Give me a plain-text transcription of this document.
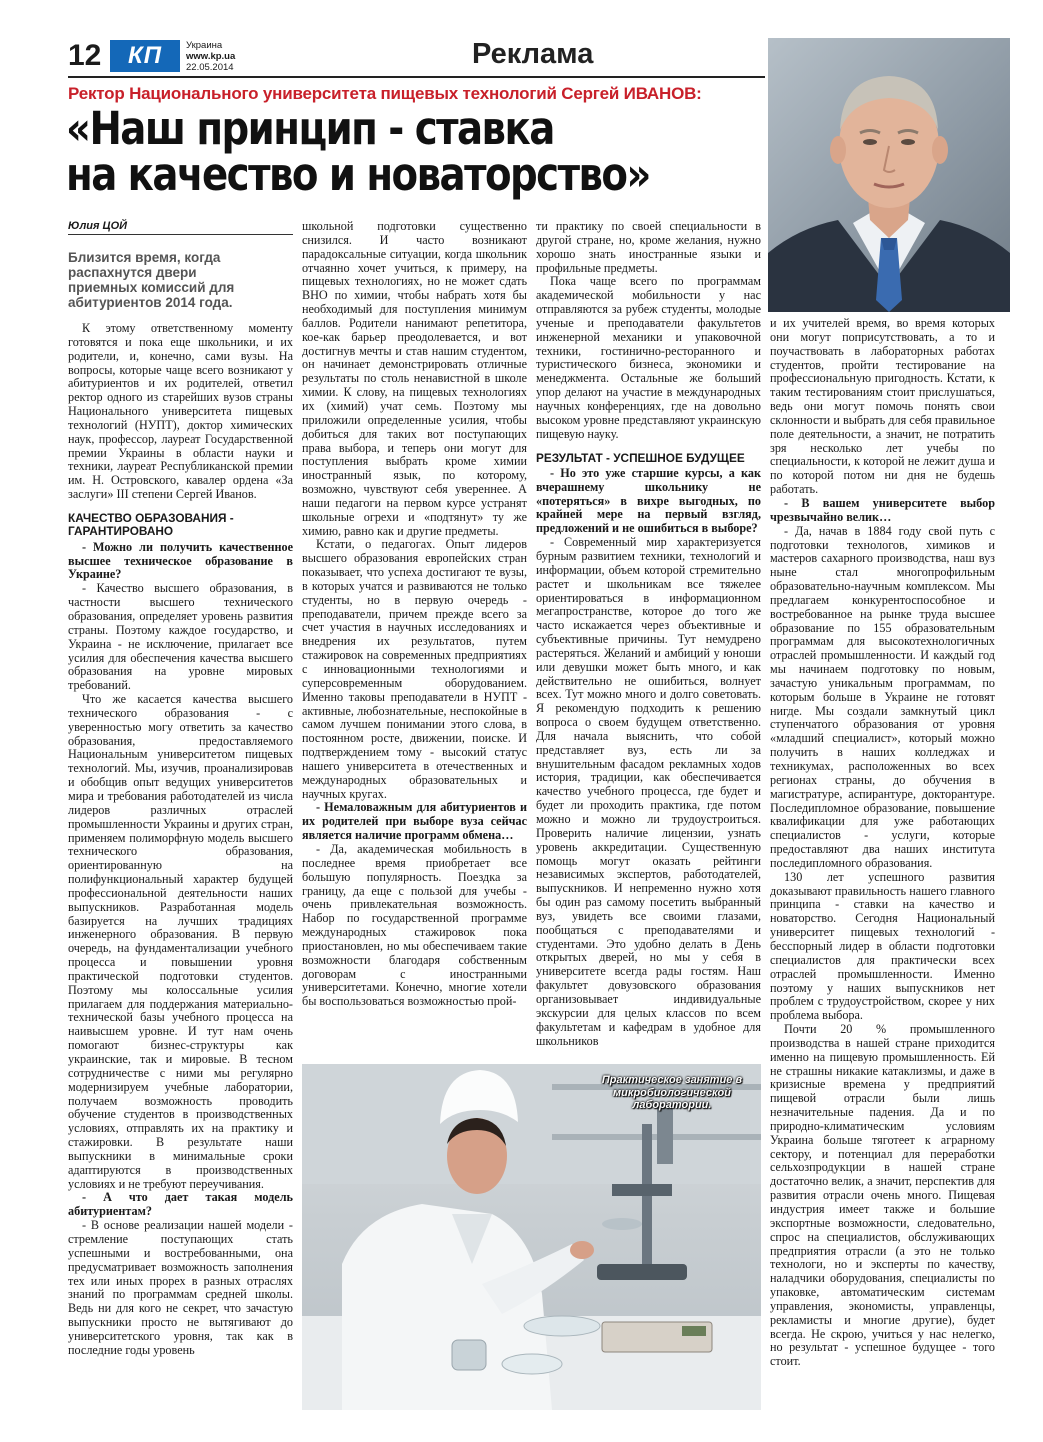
12	КП	Украина
www.kp.ua
22.05.2014	Реклама
Ректор Национального университета пищевых технологий Сергей ИВАНОВ:
«Наш принцип - ставка
на качество и новаторство»
Юлия ЦОЙ
Близится время, когда распахнутся двери приемных комиссий для абитуриентов 2014 года.

К этому ответственному моменту готовятся и пока еще школьники, и их родители, и, конечно, сами вузы. На вопросы, которые чаще всего возникают у абитуриентов и их родителей, ответил ректор одного из старейших вузов страны Национального университета пищевых технологий (НУПТ), доктор химических наук, профессор, лауреат Государственной премии Украины в области науки и техники, лауреат Республиканской премии им. Н. Островского, кавалер ордена «За заслуги» III степени Сергей Иванов.

КАЧЕСТВО ОБРАЗОВАНИЯ - ГАРАНТИРОВАНО

- Можно ли получить качественное высшее техническое образование в Украине?

- Качество высшего образования, в частности высшего технического образования, определяет уровень развития страны. Поэтому каждое государство, и Украина - не исключение, прилагает все усилия для обеспечения качества высшего образования на уровне мировых требований.

Что же касается качества высшего технического образования - с уверенностью могу ответить за качество образования, предоставляемого Национальным университетом пищевых технологий. Мы, изучив, проанализировав и обобщив опыт ведущих университетов мира и требования работодателей из числа лидеров различных отраслей промышленности Украины и других стран, применяем полиморфную модель высшего технического образования, ориентированную на полифункциональный характер будущей профессиональной деятельности наших выпускников. Разработанная модель базируется на лучших традициях инженерного образования. В первую очередь, на фундаментализации учебного процесса и повышении уровня практической подготовки студентов. Поэтому мы колоссальные усилия прилагаем для поддержания материально-технической базы учебного процесса на наивысшем уровне. И тут нам очень помогают бизнес-структуры как украинские, так и мировые. В тесном сотрудничестве с ними мы регулярно модернизируем учебные лаборатории, получаем возможность проводить обучение студентов в производственных условиях, отправлять их на практику и стажировки. В результате наши выпускники в минимальные сроки адаптируются в производственных условиях и не требуют переучивания.

- А что дает такая модель абитуриентам?

- В основе реализации нашей модели - стремление поступающих стать успешными и востребованными, она предусматривает возможность заполнения тех или иных прорех в разных отраслях знаний по программам средней школы. Ведь ни для кого не секрет, что зачастую выпускники просто не вытягивают до университетского уровня, так как в последние годы уровень

школьной подготовки существенно снизился. И часто возникают парадоксальные ситуации, когда школьник отчаянно хочет учиться, к примеру, на пищевых технологиях, но не может сдать ВНО по химии, чтобы набрать хотя бы необходимый для поступления минимум баллов. Родители нанимают репетитора, кое-как барьер преодолевается, и вот достигнув мечты и став нашим студентом, он начинает демонстрировать отличные результаты по столь ненавистной в школе химии. К слову, на пищевых технологиях их (химий) учат семь. Поэтому мы приложили определенные усилия, чтобы добиться для таких вот поступающих права выбора, и теперь они могут для поступления выбрать кроме химии иностранный язык, по которому, возможно, чувствуют себя увереннее. А наши педагоги на первом курсе устранят школьные огрехи и «подтянут» ту же химию, равно как и другие предметы.

Кстати, о педагогах. Опыт лидеров высшего образования европейских стран показывает, что успеха достигают те вузы, в которых учатся и развиваются не только студенты, но в первую очередь - преподаватели, причем прежде всего за счет участия в научных исследованиях и внедрения их результатов, путем стажировок на современных предприятиях с инновационными технологиями и суперсовременным оборудованием. Именно таковы преподаватели в НУПТ - активные, любознательные, неспокойные в самом лучшем понимании этого слова, в постоянном росте, движении, поиске. И подтверждением тому - высокий статус нашего университета в отечественных и международных образовательных и научных кругах.

- Немаловажным для абитуриентов и их родителей при выборе вуза сейчас является наличие программ обмена…

- Да, академическая мобильность в последнее время приобретает все большую популярность. Поездка за границу, да еще с пользой для учебы - очень привлекательная возможность. Набор по государственной программе международных стажировок пока приостановлен, но мы обеспечиваем такие возможности благодаря собственным договорам с иностранными университетами. Конечно, многие хотели бы воспользоваться возможностью прой-

ти практику по своей специальности в другой стране, но, кроме желания, нужно хорошо знать иностранные языки и профильные предметы.

Пока чаще всего по программам академической мобильности у нас отправляются за рубеж студенты, молодые ученые и преподаватели факультетов инженерной механики и упаковочной техники, гостинично-ресторанного и туристического бизнеса, экономики и менеджмента. Остальные же больший упор делают на участие в международных научных конференциях, где на довольно высоком уровне представляют украинскую пищевую науку.

РЕЗУЛЬТАТ - УСПЕШНОЕ БУДУЩЕЕ

- Но это уже старшие курсы, а как вчерашнему школьнику не «потеряться» в вихре выгодных, по крайней мере на первый взгляд, предложений и не ошибиться в выборе?

- Современный мир характеризуется бурным развитием техники, технологий и информации, объем которой стремительно растет и школьникам все тяжелее ориентироваться в информационном мегапространстве, которое до того же часто искажается через объективные и субъективные причины. Тут немудрено растеряться. Желаний и амбиций у юноши или девушки может быть много, и как действительно не ошибиться, волнует всех. Тут можно много и долго советовать. Я рекомендую подходить к решению вопроса о своем будущем ответственно. Для начала выяснить, что собой представляет вуз, есть ли за внушительным фасадом рекламных ходов история, традиции, как обеспечивается качество учебного процесса, где будет и будет ли проходить практика, где потом можно и можно ли трудоустроиться. Проверить наличие лицензии, узнать уровень аккредитации. Существенную помощь могут оказать рейтинги независимых экспертов, работодателей, выпускников. И непременно нужно хотя бы один раз самому посетить выбранный вуз, увидеть все своими глазами, пообщаться с преподавателями и студентами. Это удобно делать в День открытых дверей, но мы у себя в университете всегда рады гостям. Наш факультет довузовского образования организовывает индивидуальные экскурсии для целых классов по всем факультетам и кафедрам в удобное для школьников

и их учителей время, во время которых они могут поприсутствовать, а то и поучаствовать в лабораторных работах студентов, пройти тестирование на профессиональную пригодность. Кстати, к таким тестированиям стоит прислушаться, ведь они могут помочь понять свои склонности и выбрать для себя правильное поле деятельности, а значит, не потратить зря несколько лет учебы по специальности, к которой не лежит душа и по которой потом ни дня не будешь работать.

- В вашем университете выбор чрезвычайно велик…

- Да, начав в 1884 году свой путь с подготовки технологов, химиков и мастеров сахарного производства, наш вуз ныне стал многопрофильным образовательно-научным комплексом. Мы предлагаем конкурентоспособное и востребованное на рынке труда высшее образование по 155 образовательным программам для высокотехнологичных отраслей промышленности. И каждый год мы начинаем подготовку по новым, зачастую уникальным программам, по которым больше в Украине не готовят нигде. Мы создали замкнутый цикл ступенчатого образования от уровня «младший специалист», который можно получить в наших колледжах и техникумах, расположенных во всех регионах страны, до обучения в магистратуре, аспирантуре, докторантуре. Последипломное образование, повышение квалификации для уже работающих специалистов - услуги, которые предоставляют два наших института последипломного образования.

130 лет успешного развития доказывают правильность нашего главного принципа - ставки на качество и новаторство. Сегодня Национальный университет пищевых технологий - бесспорный лидер в области подготовки специалистов для практически всех отраслей промышленности. Именно поэтому у наших выпускников нет проблем с трудоустройством, скорее у них проблема выбора.

Почти 20 % промышленного производства в нашей стране приходится именно на пищевую промышленность. Ей не страшны никакие катаклизмы, и даже в кризисные времена у предприятий пищевой отрасли были лишь незначительные падения. Да и по природно-климатическим условиям Украина больше тяготеет к аграрному сектору, и потенциал для переработки сельхозпродукции в нашей стране достаточно велик, а значит, перспектив для развития отрасли очень много. Пищевая индустрия имеет также и большие экспортные возможности, следовательно, спрос на специалистов, обслуживающих предприятия отрасли (а это не только технологи, но и эксперты по качеству, наладчики оборудования, специалисты по упаковке, автоматическим системам управления, экономисты, управленцы, рекламисты и многие другие), будет всегда. Не скрою, учиться у нас нелегко, но результат - успешное будущее - того стоит.

Практическое занятие в микробиологической лаборатории.
